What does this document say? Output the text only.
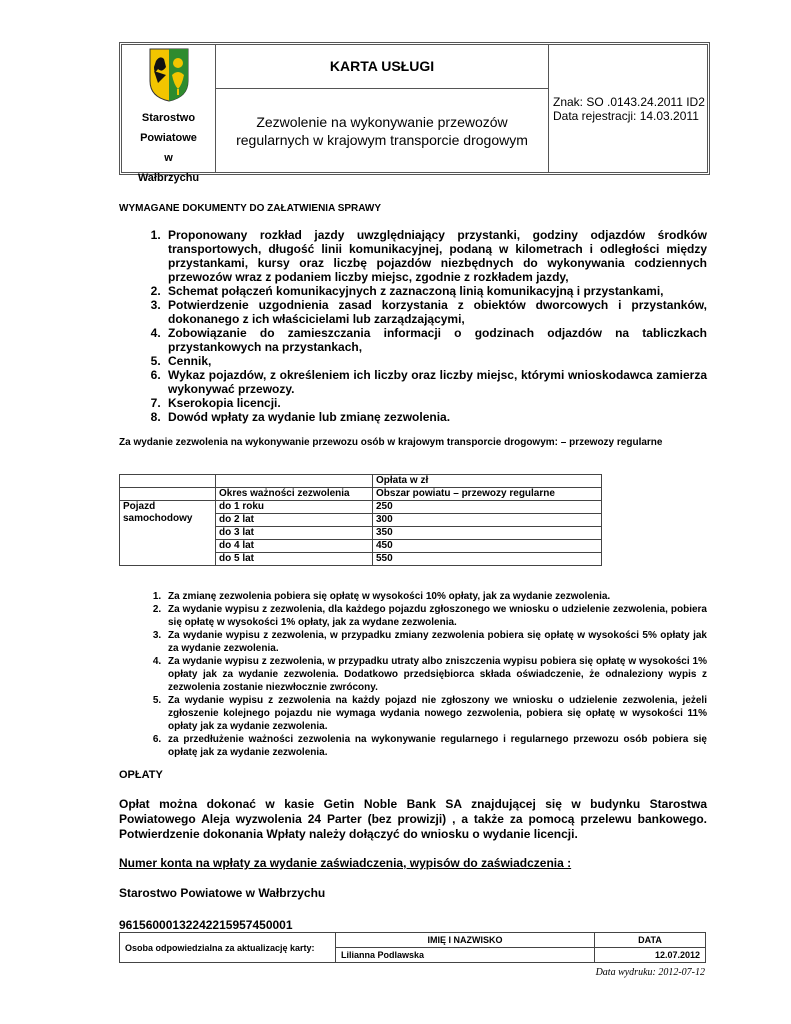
Starostwo
Powiatowe
w
Wałbrzychu
KARTA USŁUGI
Zezwolenie na wykonywanie przewozów
regularnych w krajowym transporcie drogowym
Znak: SO .0143.24.2011 ID2
Data rejestracji: 14.03.2011
WYMAGANE DOKUMENTY DO ZAŁATWIENIA SPRAWY
1. Proponowany rozkład jazdy uwzględniający przystanki, godziny odjazdów środków transportowych, długość linii komunikacyjnej, podaną w kilometrach i odległości między przystankami, kursy oraz liczbę pojazdów niezbędnych do wykonywania codziennych przewozów wraz z podaniem liczby miejsc, zgodnie z rozkładem jazdy,
2. Schemat połączeń komunikacyjnych z zaznaczoną linią komunikacyjną i przystankami,
3. Potwierdzenie uzgodnienia zasad korzystania z obiektów dworcowych i przystanków, dokonanego z ich właścicielami lub zarządzającymi,
4. Zobowiązanie do zamieszczania informacji o godzinach odjazdów na tabliczkach przystankowych na przystankach,
5. Cennik,
6. Wykaz pojazdów, z określeniem ich liczby oraz liczby miejsc, którymi wnioskodawca zamierza wykonywać przewozy.
7. Kserokopia licencji.
8. Dowód wpłaty za wydanie lub zmianę zezwolenia.
Za wydanie zezwolenia na wykonywanie przewozu osób w krajowym transporcie drogowym: – przewozy regularne
		Opłata w zł
	Okres ważności zezwolenia	Obszar powiatu – przewozy regularne
Pojazd samochodowy	do 1 roku	250
	do 2 lat	300
	do 3 lat	350
	do 4 lat	450
	do 5 lat	550
1. Za zmianę zezwolenia pobiera się opłatę w wysokości 10% opłaty, jak za wydanie zezwolenia.
2. Za wydanie wypisu z zezwolenia, dla każdego pojazdu zgłoszonego we wniosku o udzielenie zezwolenia, pobiera się opłatę w wysokości 1% opłaty, jak za wydane zezwolenia.
3. Za wydanie wypisu z zezwolenia, w przypadku zmiany zezwolenia pobiera się opłatę w wysokości 5% opłaty jak za wydanie zezwolenia.
4. Za wydanie wypisu z zezwolenia, w przypadku utraty albo zniszczenia wypisu pobiera się opłatę w wysokości 1% opłaty jak za wydanie zezwolenia. Dodatkowo przedsiębiorca składa oświadczenie, że odnaleziony wypis z zezwolenia zostanie niezwłocznie zwrócony.
5. Za wydanie wypisu z zezwolenia na każdy pojazd nie zgłoszony we wniosku o udzielenie zezwolenia, jeżeli zgłoszenie kolejnego pojazdu nie wymaga wydania nowego zezwolenia, pobiera się opłatę w wysokości 11% opłaty jak za wydanie zezwolenia.
6. za przedłużenie ważności zezwolenia na wykonywanie regularnego i regularnego przewozu osób pobiera się opłatę jak za wydanie zezwolenia.
OPŁATY
Opłat można dokonać w kasie Getin Noble Bank SA znajdującej się w budynku Starostwa Powiatowego Aleja wyzwolenia 24 Parter (bez prowizji) , a także za pomocą przelewu bankowego. Potwierdzenie dokonania Wpłaty należy dołączyć do wniosku o wydanie licencji.
Numer konta na wpłaty za wydanie zaświadczenia, wypisów do zaświadczenia :
Starostwo Powiatowe w Wałbrzychu
96156000132242215957450001
Osoba odpowiedzialna za aktualizację karty:	IMIĘ I NAZWISKO	DATA
	Lilianna Podlawska	12.07.2012
Data wydruku: 2012-07-12
